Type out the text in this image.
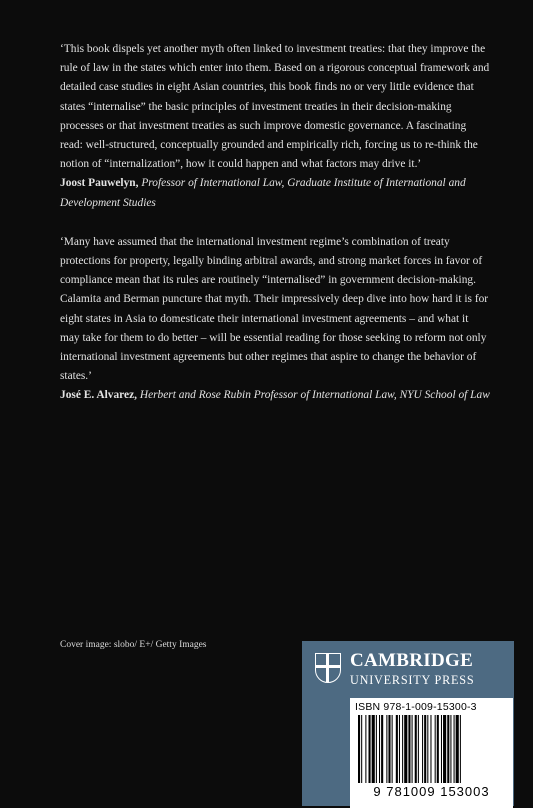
‘This book dispels yet another myth often linked to investment treaties: that they improve the rule of law in the states which enter into them. Based on a rigorous conceptual framework and detailed case studies in eight Asian countries, this book finds no or very little evidence that states “internalise” the basic principles of investment treaties in their decision-making processes or that investment treaties as such improve domestic governance. A fascinating read: well-structured, conceptually grounded and empirically rich, forcing us to re-think the notion of “internalization”, how it could happen and what factors may drive it.’

Joost Pauwelyn, Professor of International Law, Graduate Institute of International and Development Studies

‘Many have assumed that the international investment regime’s combination of treaty protections for property, legally binding arbitral awards, and strong market forces in favor of compliance mean that its rules are routinely “internalised” in government decision-making. Calamita and Berman puncture that myth. Their impressively deep dive into how hard it is for eight states in Asia to domesticate their international investment agreements – and what it may take for them to do better – will be essential reading for those seeking to reform not only international investment agreements but other regimes that aspire to change the behavior of states.’

José E. Alvarez, Herbert and Rose Rubin Professor of International Law, NYU School of Law

Cover image: slobo/ E+/ Getty Images
CAMBRIDGE
UNIVERSITY PRESS
ISBN 978-1-009-15300-3
9 781009 153003
